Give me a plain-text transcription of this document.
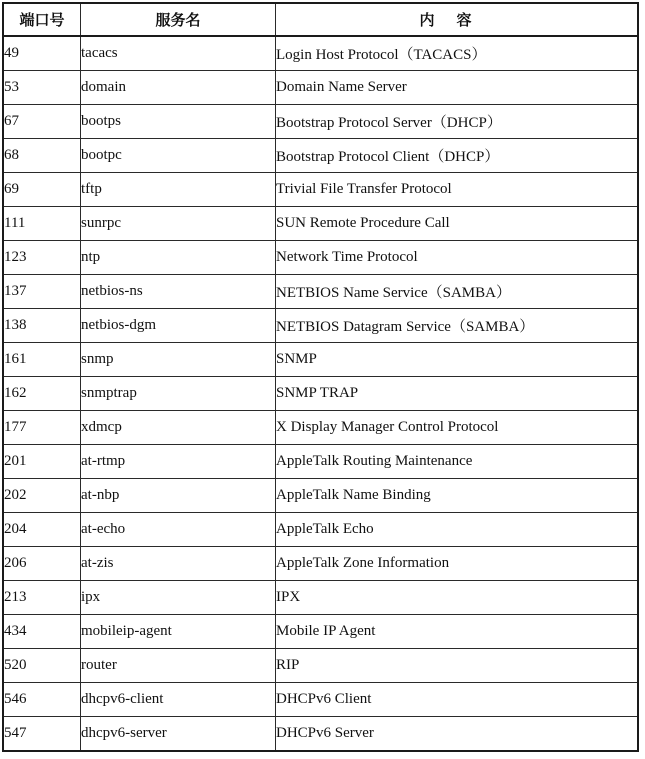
端口号	服务名	内容
49	tacacs	Login Host Protocol（TACACS）
53	domain	Domain Name Server
67	bootps	Bootstrap Protocol Server（DHCP）
68	bootpc	Bootstrap Protocol Client（DHCP）
69	tftp	Trivial File Transfer Protocol
111	sunrpc	SUN Remote Procedure Call
123	ntp	Network Time Protocol
137	netbios-ns	NETBIOS Name Service（SAMBA）
138	netbios-dgm	NETBIOS Datagram Service（SAMBA）
161	snmp	SNMP
162	snmptrap	SNMP TRAP
177	xdmcp	X Display Manager Control Protocol
201	at-rtmp	AppleTalk Routing Maintenance
202	at-nbp	AppleTalk Name Binding
204	at-echo	AppleTalk Echo
206	at-zis	AppleTalk Zone Information
213	ipx	IPX
434	mobileip-agent	Mobile IP Agent
520	router	RIP
546	dhcpv6-client	DHCPv6 Client
547	dhcpv6-server	DHCPv6 Server
